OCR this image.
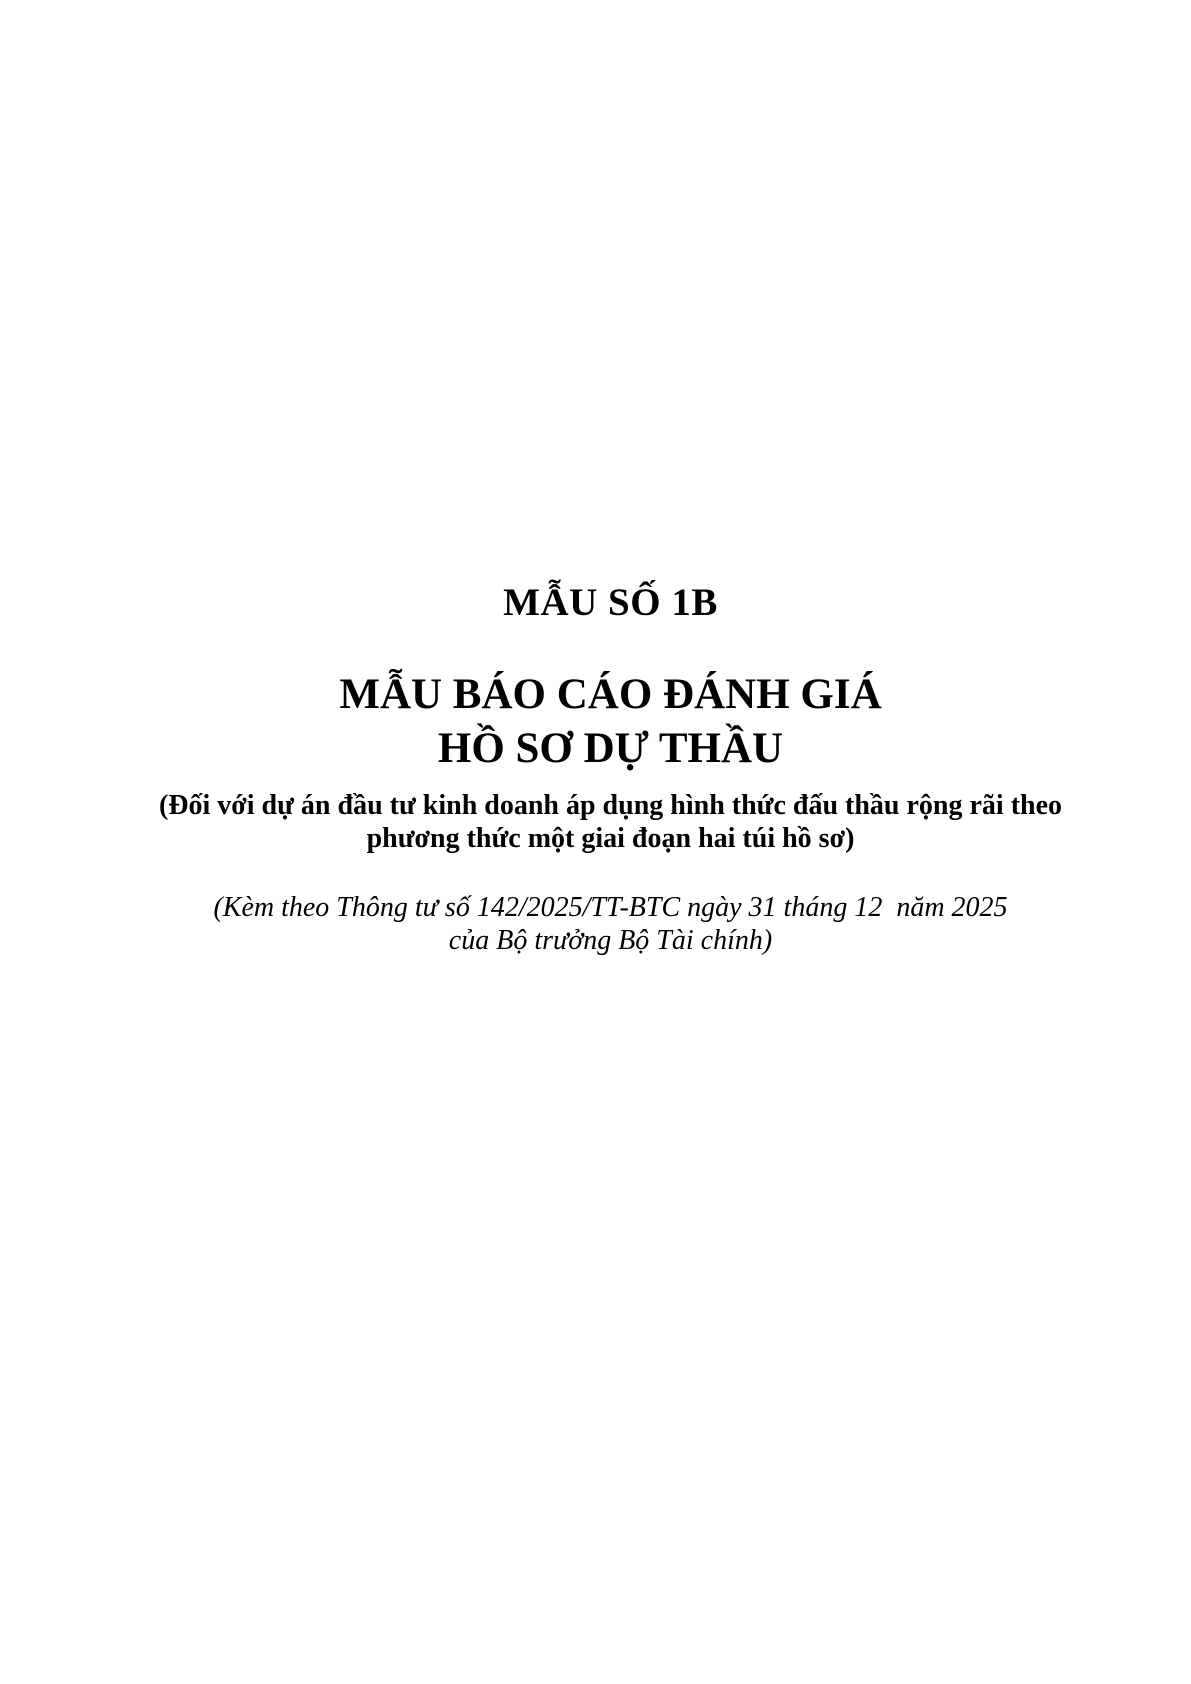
MẪU SỐ 1B
MẪU BÁO CÁO ĐÁNH GIÁ
HỒ SƠ DỰ THẦU
(Đối với dự án đầu tư kinh doanh áp dụng hình thức đấu thầu rộng rãi theo
phương thức một giai đoạn hai túi hồ sơ)
(Kèm theo Thông tư số 142/2025/TT-BTC ngày 31 tháng 12  năm 2025
của Bộ trưởng Bộ Tài chính)
